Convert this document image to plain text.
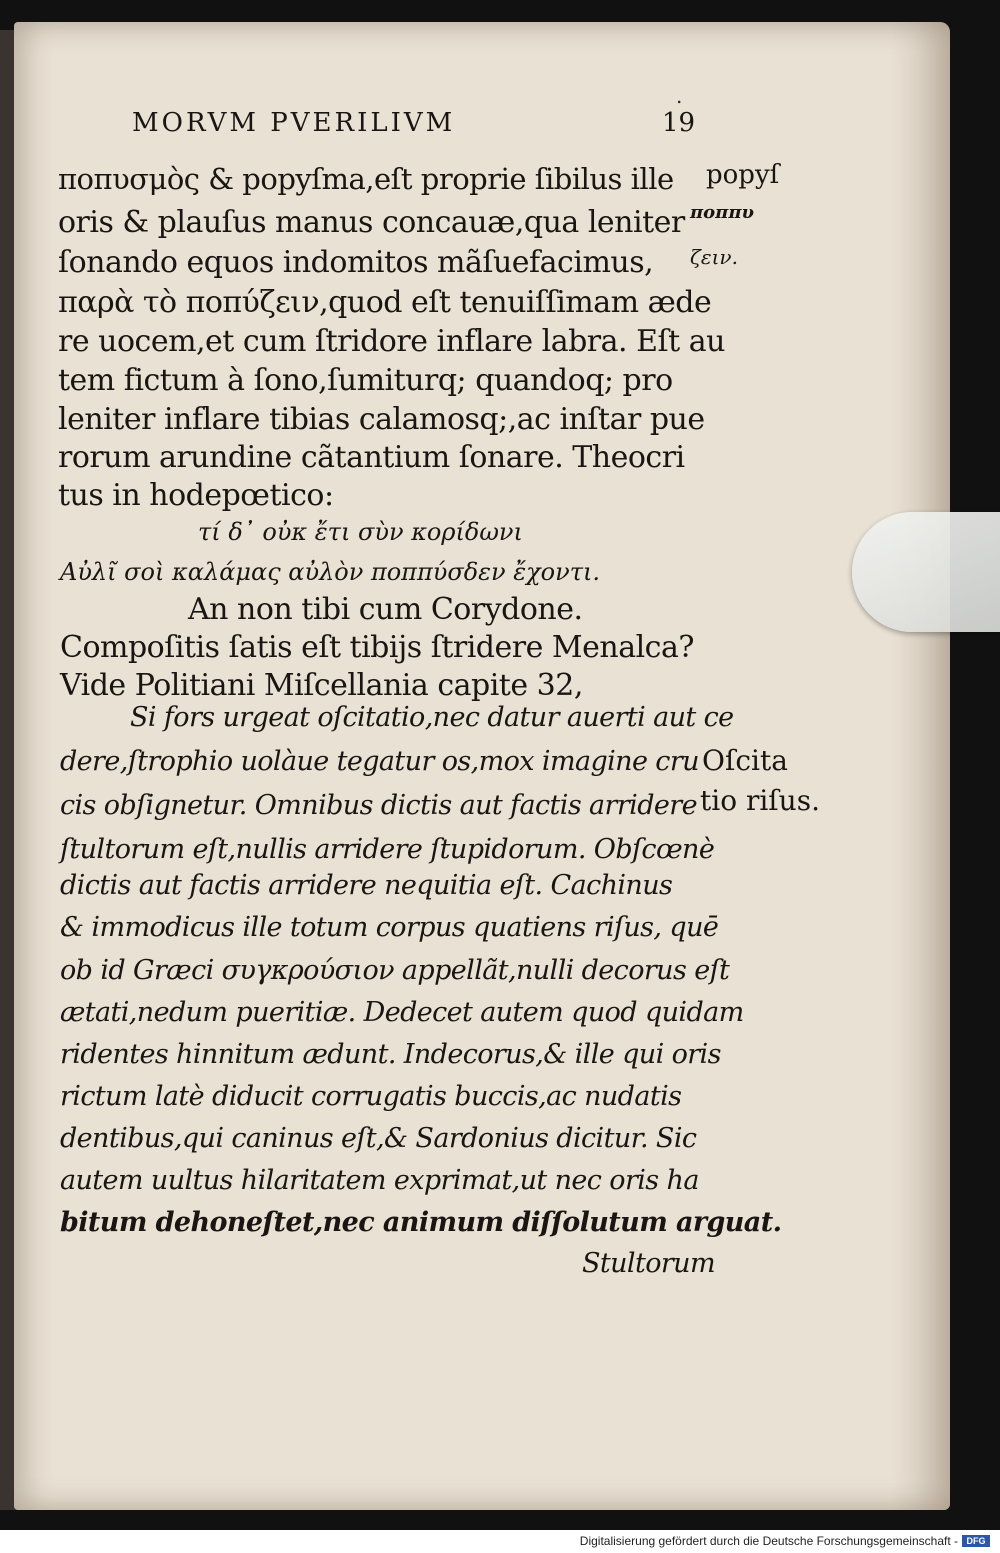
.
MORVM PVERILIVM	19
ποπυσμὸς & popyſma,eſt proprie ſibilus ille
oris & plauſus manus concauæ,qua leniter
ſonando equos indomitos mãſuefacimus,
παρὰ τὸ ποπύζειν,quod eſt tenuiſſimam æde
re uocem,et cum ſtridore inflare labra. Eſt au
tem fictum à ſono,ſumiturq; quandoq; pro
leniter inflare tibias calamosq;,ac inſtar pue
rorum arundine cãtantium ſonare. Theocri
tus in hodepœtico:
τί δ᾽ οὐκ ἔτι σὺν κορίδωνι
Αὐλῖ σοὶ καλάμας αὐλὸν ποππύσδεν ἔχοντι.
An non tibi cum Corydone.
Compoſitis ſatis eſt tibijs ſtridere Menalca?
Vide Politiani Miſcellania capite 32,
Si fors urgeat oſcitatio,nec datur auerti aut ce
dere,ſtrophio uolàue tegatur os,mox imagine cru
cis obſignetur. Omnibus dictis aut factis arridere
ſtultorum eſt,nullis arridere ſtupidorum. Obſcœnè
dictis aut factis arridere nequitia eſt. Cachinus
& immodicus ille totum corpus quatiens riſus, quē
ob id Græci συγκρούσιον appellãt,nulli decorus eſt
ætati,nedum pueritiæ. Dedecet autem quod quidam
ridentes hinnitum ædunt. Indecorus,& ille qui oris
rictum latè diducit corrugatis buccis,ac nudatis
dentibus,qui caninus eſt,& Sardonius dicitur. Sic
autem uultus hilaritatem exprimat,ut nec oris ha
bitum dehoneſtet,nec animum diſſolutum arguat.
Stultorum
popyſ
ποππυ
ζειν.
Oſcita
tio riſus.
Digitalisierung gefördert durch die Deutsche Forschungsgemeinschaft - DFG
